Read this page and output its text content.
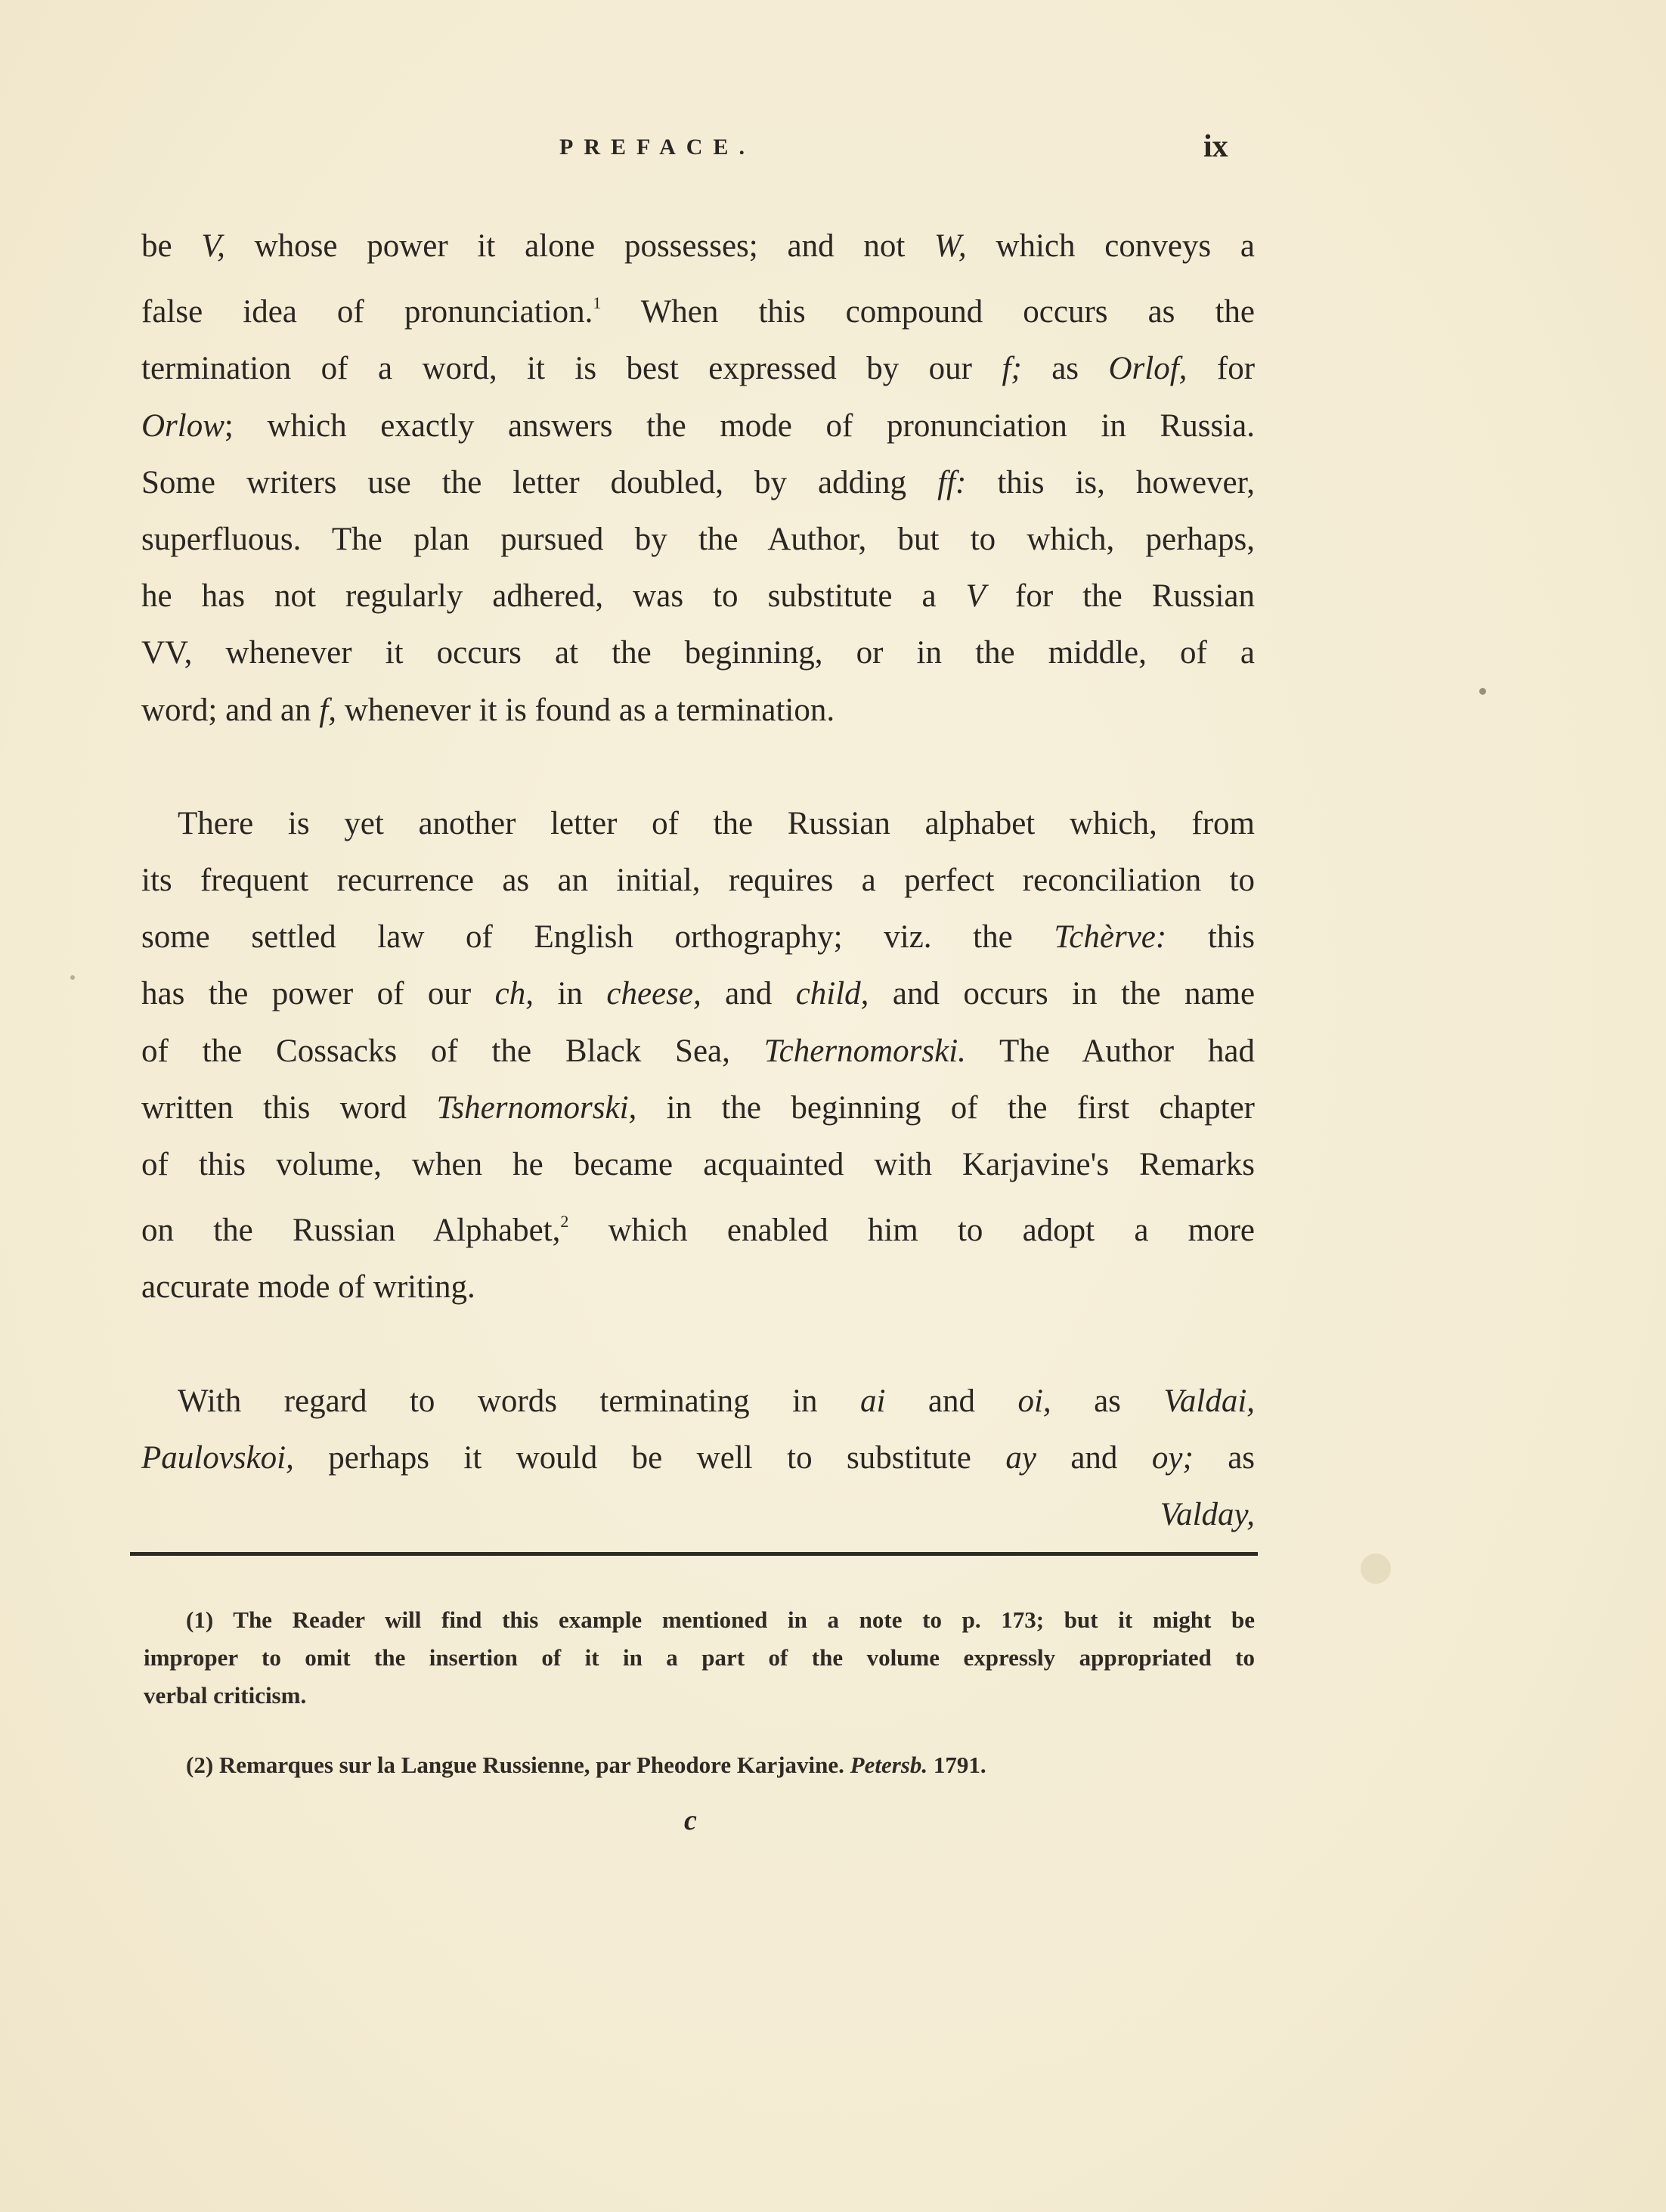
PREFACE.	ix
be V, whose power it alone possesses; and not W, which conveys a
false idea of pronunciation.$^1$ When this compound occurs as the
termination of a word, it is best expressed by our f; as Orlof, for
Orlow; which exactly answers the mode of pronunciation in Russia.
Some writers use the letter doubled, by adding ff: this is, however,
superfluous. The plan pursued by the Author, but to which, perhaps,
he has not regularly adhered, was to substitute a V for the Russian
VV, whenever it occurs at the beginning, or in the middle, of a
word; and an f, whenever it is found as a termination.
There is yet another letter of the Russian alphabet which, from
its frequent recurrence as an initial, requires a perfect reconciliation to
some settled law of English orthography; viz. the Tchèrve: this
has the power of our ch, in cheese, and child, and occurs in the name
of the Cossacks of the Black Sea, Tchernomorski. The Author had
written this word Tshernomorski, in the beginning of the first chapter
of this volume, when he became acquainted with Karjavine's Remarks
on the Russian Alphabet,$^2$ which enabled him to adopt a more
accurate mode of writing.
With regard to words terminating in ai and oi, as Valdai,
Paulovskoi, perhaps it would be well to substitute ay and oy; as
Valday,
(1) The Reader will find this example mentioned in a note to p. 173; but it might be
improper to omit the insertion of it in a part of the volume expressly appropriated to
verbal criticism.
(2) Remarques sur la Langue Russienne, par Pheodore Karjavine. Petersb. 1791.
c
